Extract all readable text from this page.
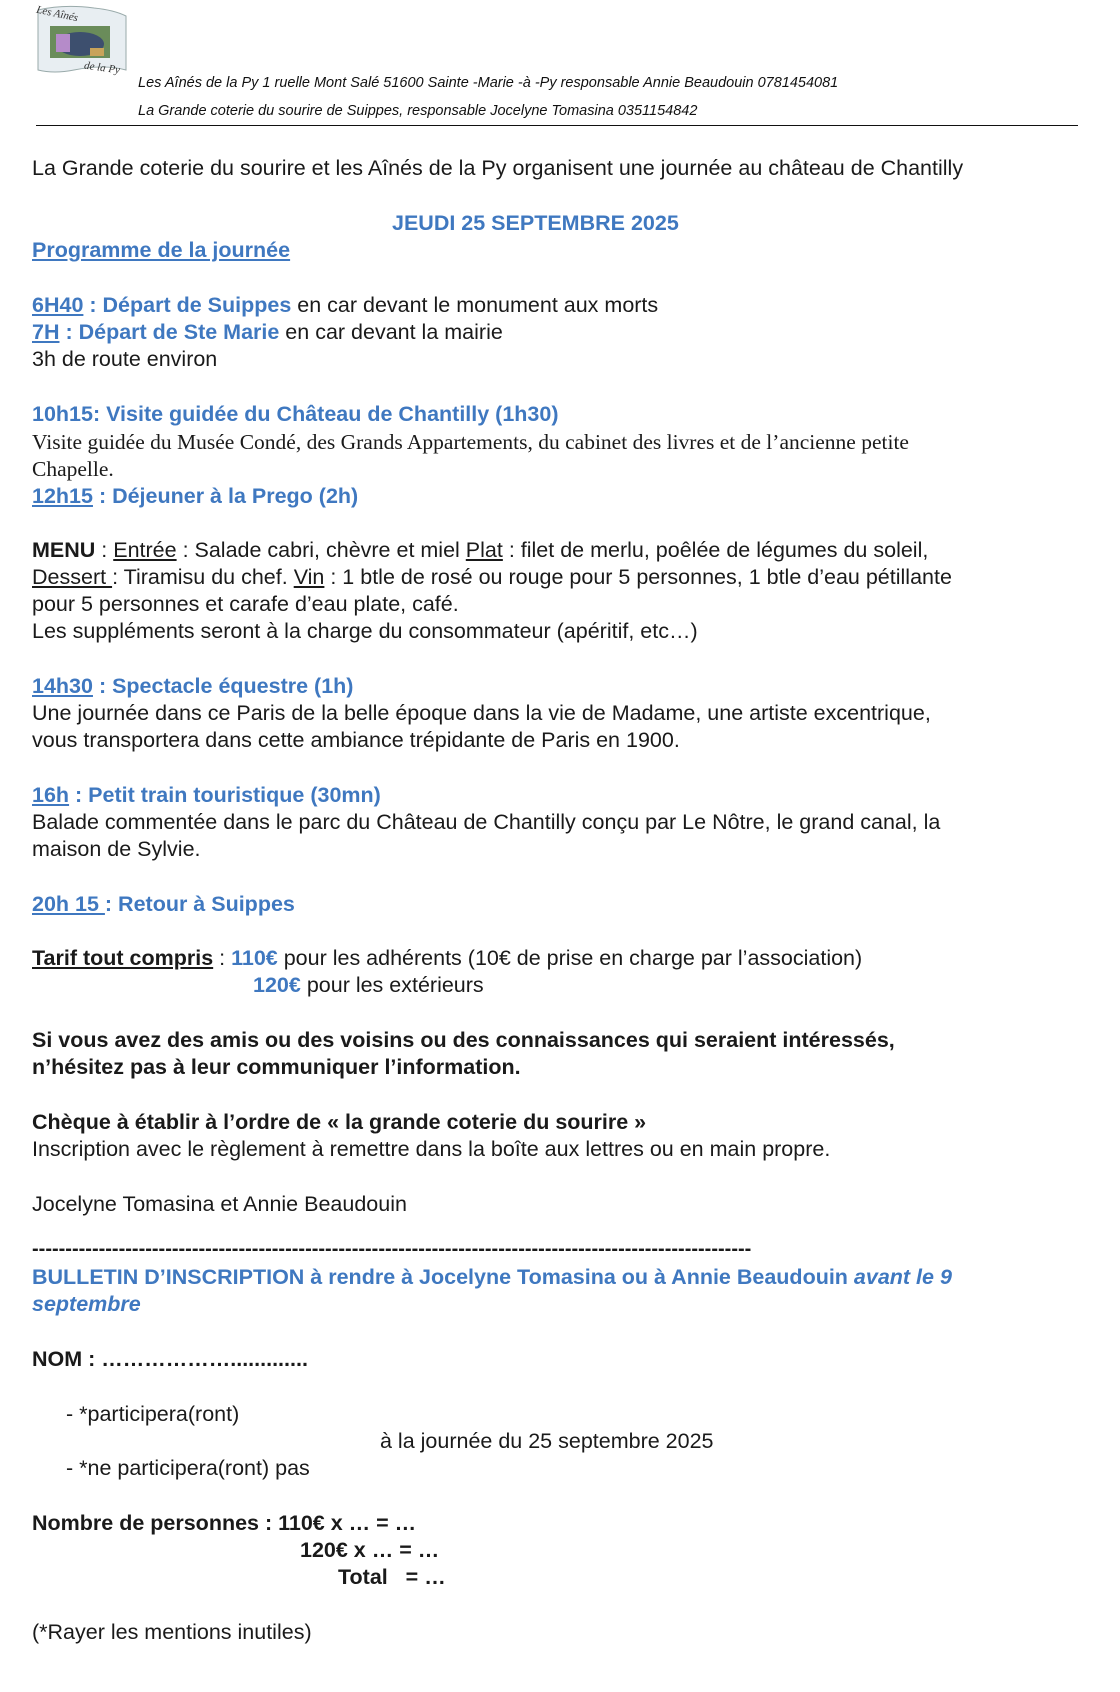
Les Aînés
de la Py
Les Aînés de la Py 1 ruelle Mont Salé 51600 Sainte -Marie -à -Py responsable Annie Beaudouin 0781454081
La Grande coterie du sourire de Suippes, responsable Jocelyne Tomasina 0351154842
La Grande coterie du sourire et les Aînés de la Py organisent une journée au château de Chantilly
JEUDI 25 SEPTEMBRE 2025
Programme de la journée
6H40 : Départ de Suippes en car devant le monument aux morts
7H : Départ de Ste Marie en car devant la mairie
3h de route environ
10h15: Visite guidée du Château de Chantilly (1h30)
Visite guidée du Musée Condé, des Grands Appartements, du cabinet des livres et de l’ancienne petite
Chapelle.
12h15 : Déjeuner à la Prego (2h)
MENU : Entrée : Salade cabri, chèvre et miel Plat : filet de merlu, poêlée de légumes du soleil,
Dessert : Tiramisu du chef. Vin : 1 btle de rosé ou rouge pour 5 personnes, 1 btle d’eau pétillante
pour 5 personnes et carafe d’eau plate, café.
Les suppléments seront à la charge du consommateur (apéritif, etc…)
14h30 : Spectacle équestre (1h)
Une journée dans ce Paris de la belle époque dans la vie de Madame, une artiste excentrique,
vous transportera dans cette ambiance trépidante de Paris en 1900.
16h : Petit train touristique (30mn)
Balade commentée dans le parc du Château de Chantilly conçu par Le Nôtre, le grand canal, la
maison de Sylvie.
20h 15 : Retour à Suippes
Tarif tout compris : 110€ pour les adhérents (10€ de prise en charge par l’association)
120€ pour les extérieurs
Si vous avez des amis ou des voisins ou des connaissances qui seraient intéressés,
n’hésitez pas à leur communiquer l’information.
Chèque à établir à l’ordre de « la grande coterie du sourire »
Inscription avec le règlement à remettre dans la boîte aux lettres ou en main propre.
Jocelyne Tomasina et Annie Beaudouin
------------------------------------------------------------------------------------------------------------
BULLETIN D’INSCRIPTION à rendre à Jocelyne Tomasina ou à Annie Beaudouin avant le 9
septembre
NOM : ……………….............
- *participera(ront)
à la journée du 25 septembre 2025
- *ne participera(ront) pas
Nombre de personnes : 110€ x … = …
120€ x … = …
Total   = …
(*Rayer les mentions inutiles)
